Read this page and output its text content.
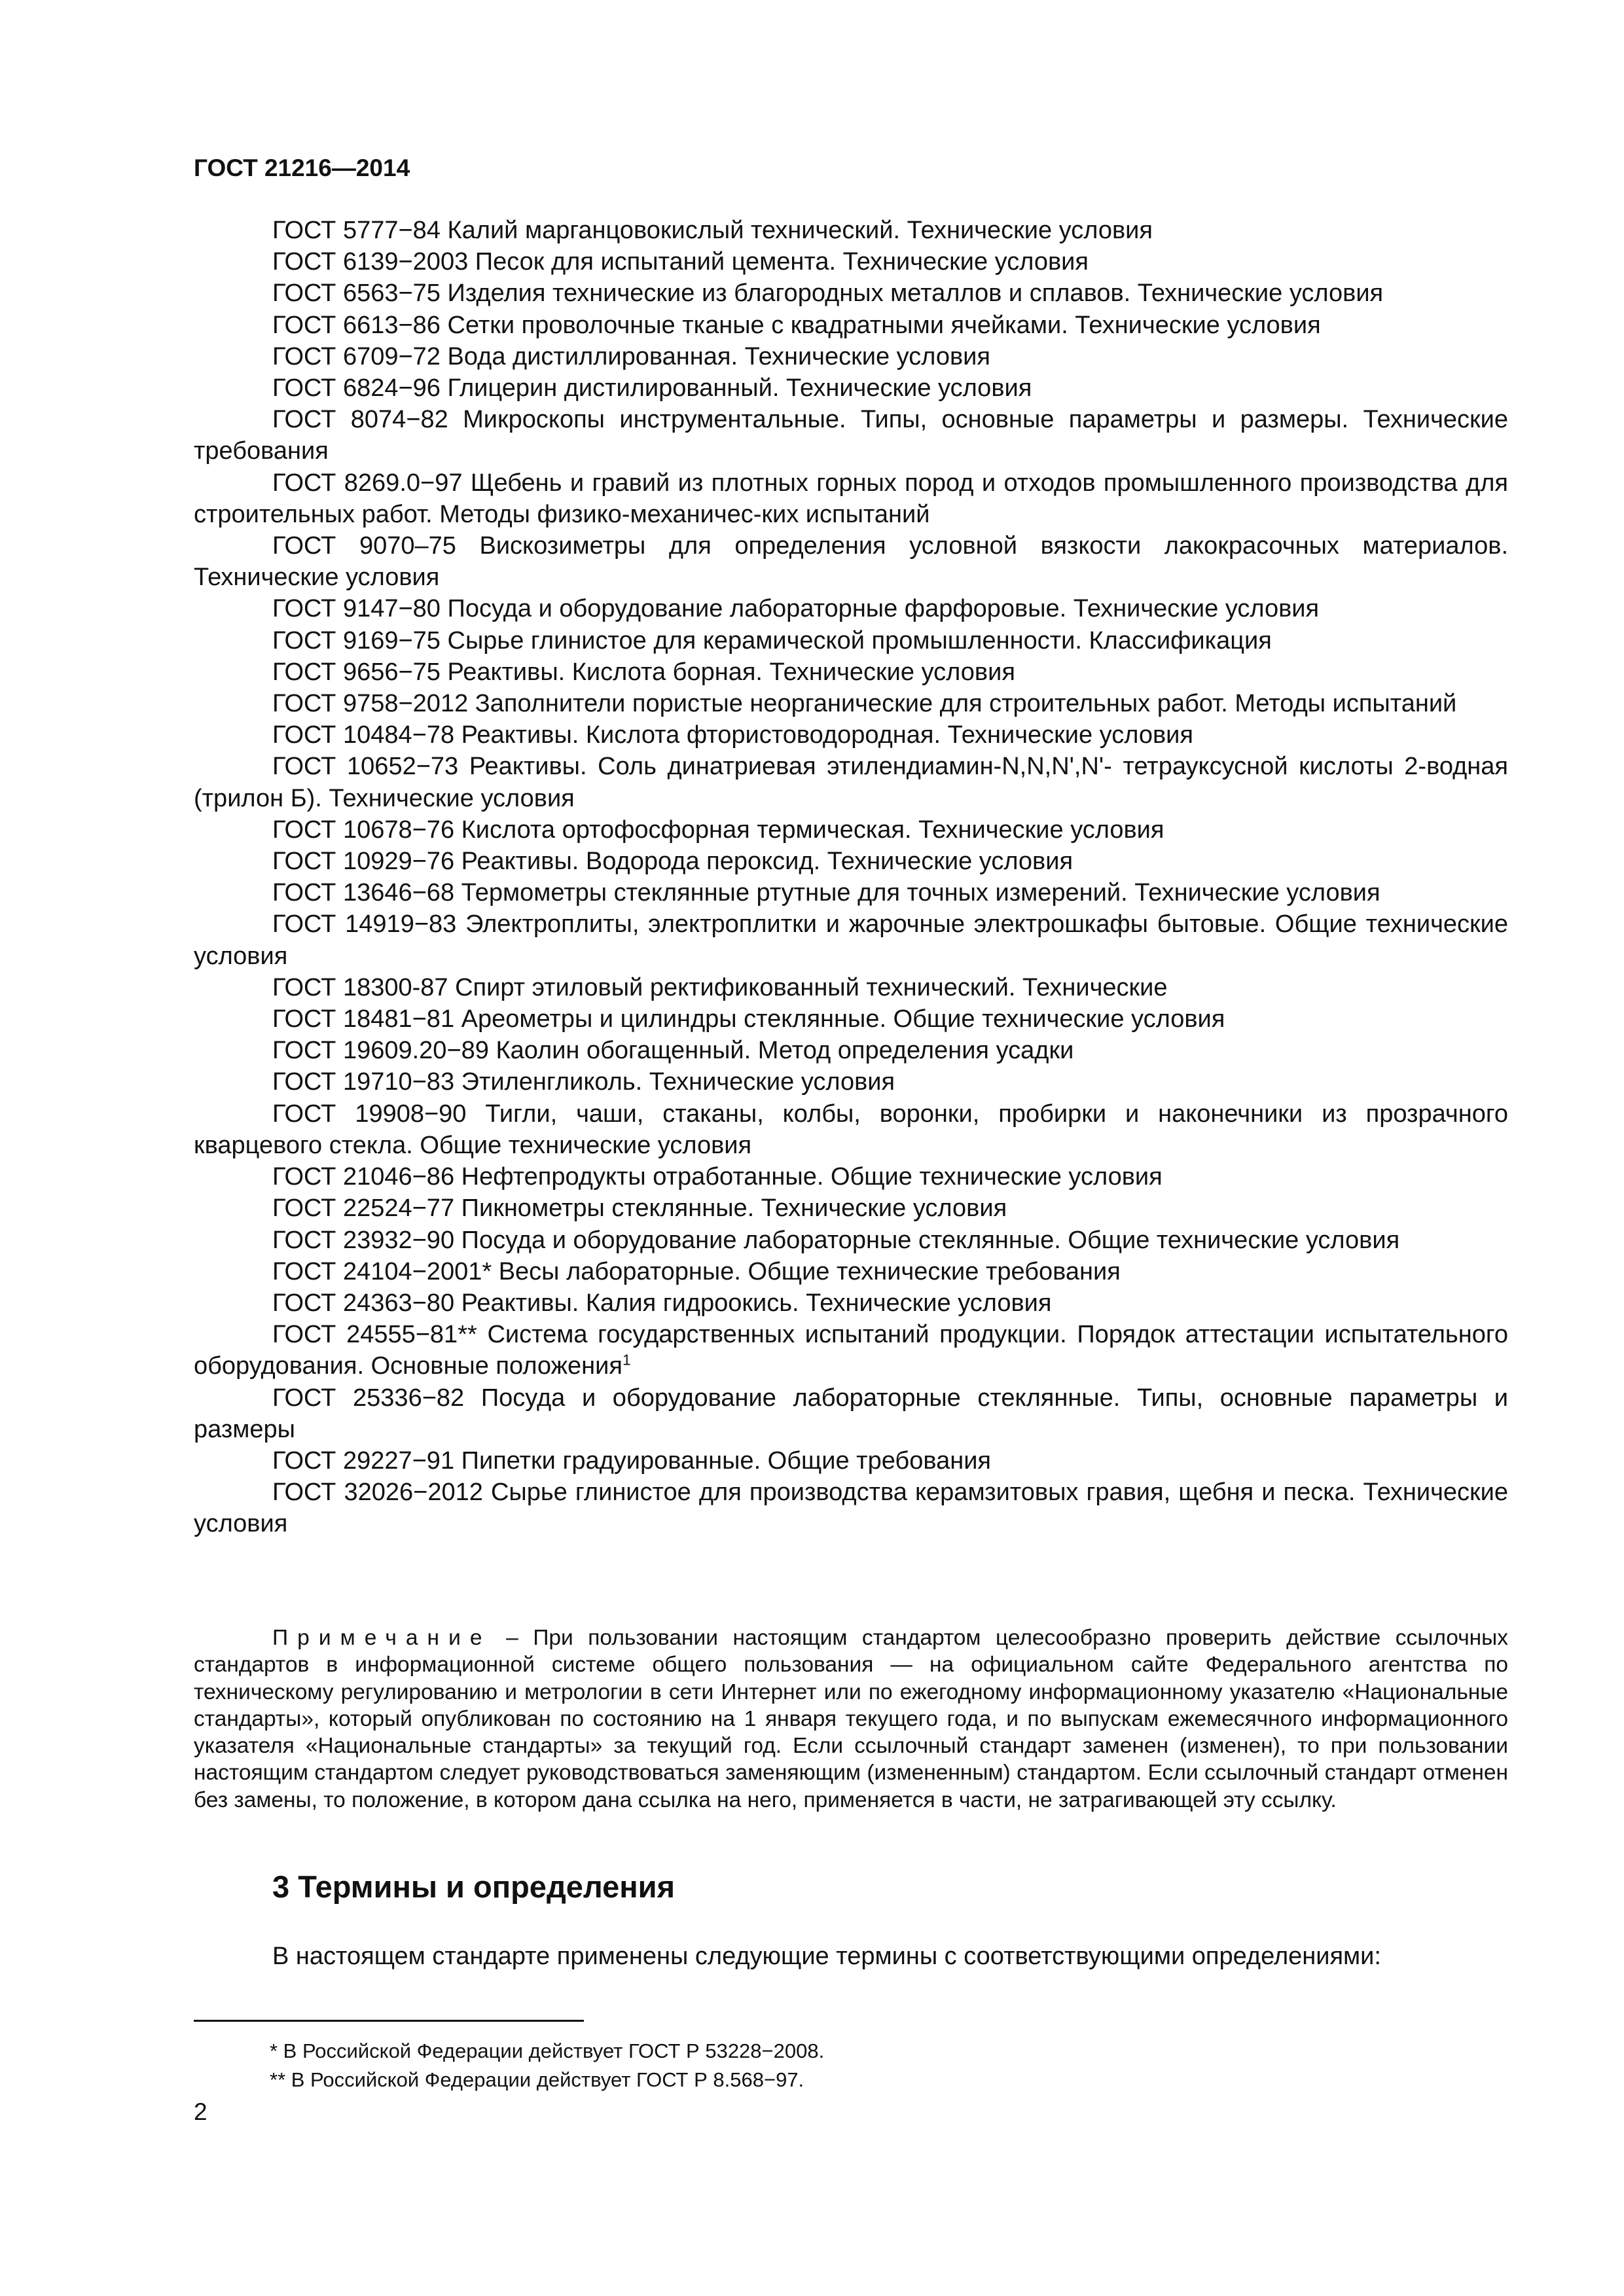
ГОСТ 21216—2014
ГОСТ 5777−84 Калий марганцовокислый технический. Технические условия
ГОСТ 6139−2003 Песок для испытаний цемента. Технические условия
ГОСТ 6563−75 Изделия технические из благородных металлов и сплавов. Технические условия
ГОСТ 6613−86 Сетки проволочные тканые с квадратными ячейками. Технические условия
ГОСТ 6709−72 Вода дистиллированная. Технические условия
ГОСТ 6824−96 Глицерин дистилированный. Технические условия
ГОСТ 8074−82 Микроскопы инструментальные. Типы, основные параметры и размеры. Технические требования
ГОСТ 8269.0−97 Щебень и гравий из плотных горных пород и отходов промышленного производства для строительных работ. Методы физико-механичес-ких испытаний
ГОСТ 9070–75 Вискозиметры для определения условной вязкости лакокрасочных материалов. Технические условия
ГОСТ 9147−80 Посуда и оборудование лабораторные фарфоровые. Технические условия
ГОСТ 9169−75 Сырье глинистое для керамической промышленности. Классификация
ГОСТ 9656−75 Реактивы. Кислота борная. Технические условия
ГОСТ 9758−2012 Заполнители пористые неорганические для строительных работ. Методы испытаний
ГОСТ 10484−78 Реактивы. Кислота фтористоводородная. Технические условия
ГОСТ 10652−73 Реактивы. Соль динатриевая этилендиамин-N,N,N',N'- тетрауксусной кислоты 2-водная (трилон Б). Технические условия
ГОСТ 10678−76 Кислота ортофосфорная термическая. Технические условия
ГОСТ 10929−76 Реактивы. Водорода пероксид. Технические условия
ГОСТ 13646−68 Термометры стеклянные ртутные для точных измерений. Технические условия
ГОСТ 14919−83 Электроплиты, электроплитки и жарочные электрошкафы бытовые. Общие технические условия
ГОСТ 18300-87 Спирт этиловый ректификованный технический. Технические
ГОСТ 18481−81 Ареометры и цилиндры стеклянные. Общие технические условия
ГОСТ 19609.20−89 Каолин обогащенный. Метод определения усадки
ГОСТ 19710−83 Этиленгликоль. Технические условия
ГОСТ 19908−90 Тигли, чаши, стаканы, колбы, воронки, пробирки и наконечники из прозрачного кварцевого стекла. Общие технические условия
ГОСТ 21046−86 Нефтепродукты отработанные. Общие технические условия
ГОСТ 22524−77 Пикнометры стеклянные. Технические условия
ГОСТ 23932−90 Посуда и оборудование лабораторные стеклянные. Общие технические условия
ГОСТ 24104−2001* Весы лабораторные. Общие технические требования
ГОСТ 24363−80 Реактивы. Калия гидроокись. Технические условия
ГОСТ 24555−81** Система государственных испытаний продукции. Порядок аттестации испытательного оборудования. Основные положения$^1$
ГОСТ 25336−82 Посуда и оборудование лабораторные стеклянные. Типы, основные параметры и размеры
ГОСТ 29227−91 Пипетки градуированные. Общие требования
ГОСТ 32026−2012 Сырье глинистое для производства керамзитовых гравия, щебня и песка. Технические условия

Примечание – При пользовании настоящим стандартом целесообразно проверить действие ссылочных стандартов в информационной системе общего пользования — на официальном сайте Федерального агентства по техническому регулированию и метрологии в сети Интернет или по ежегодному информационному указателю «Национальные стандарты», который опубликован по состоянию на 1 января текущего года, и по выпускам ежемесячного информационного указателя «Национальные стандарты» за текущий год. Если ссылочный стандарт заменен (изменен), то при пользовании настоящим стандартом следует руководствоваться заменяющим (измененным) стандартом. Если ссылочный стандарт отменен без замены, то положение, в котором дана ссылка на него, применяется в части, не затрагивающей эту ссылку.

3 Термины и определения
В настоящем стандарте применены следующие термины с соответствующими определениями:
* В Российской Федерации действует ГОСТ Р 53228−2008.
** В Российской Федерации действует ГОСТ Р 8.568−97.
2
